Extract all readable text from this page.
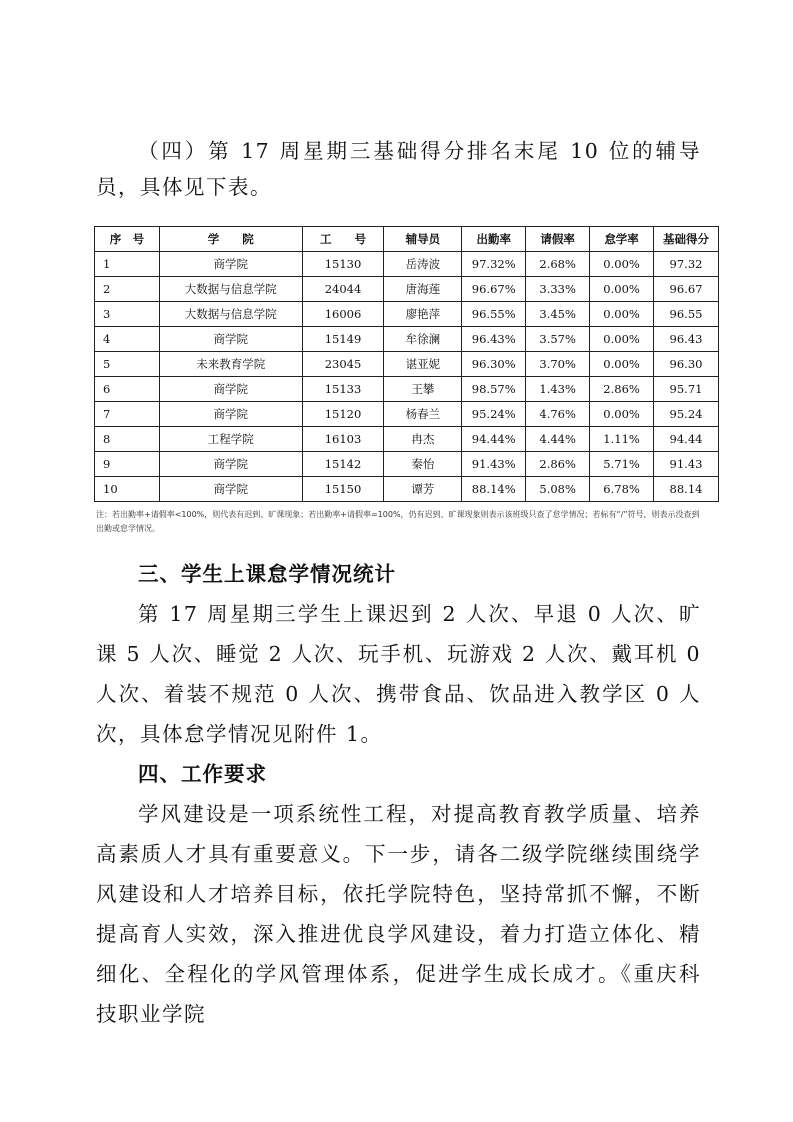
（四）第 17 周星期三基础得分排名末尾 10 位的辅导员，具体见下表。
序　号	学　　院	工　　号	辅导员	出勤率	请假率	怠学率	基础得分
1	商学院	15130	岳涛波	97.32%	2.68%	0.00%	97.32
2	大数据与信息学院	24044	唐海莲	96.67%	3.33%	0.00%	96.67
3	大数据与信息学院	16006	廖艳萍	96.55%	3.45%	0.00%	96.55
4	商学院	15149	牟徐澜	96.43%	3.57%	0.00%	96.43
5	未来教育学院	23045	谌亚妮	96.30%	3.70%	0.00%	96.30
6	商学院	15133	王攀	98.57%	1.43%	2.86%	95.71
7	商学院	15120	杨春兰	95.24%	4.76%	0.00%	95.24
8	工程学院	16103	冉杰	94.44%	4.44%	1.11%	94.44
9	商学院	15142	秦怡	91.43%	2.86%	5.71%	91.43
10	商学院	15150	谭芳	88.14%	5.08%	6.78%	88.14
注：若出勤率+请假率<100%，则代表有迟到、旷课现象；若出勤率+请假率=100%，仍有迟到、旷课现象则表示该班级只查了怠学情况；若标有“/”符号，则表示没查到出勤或怠学情况。
三、学生上课怠学情况统计
第 17 周星期三学生上课迟到 2 人次、早退 0 人次、旷课 5 人次、睡觉 2 人次、玩手机、玩游戏 2 人次、戴耳机 0 人次、着装不规范 0 人次、携带食品、饮品进入教学区 0 人次，具体怠学情况见附件 1。
四、工作要求
学风建设是一项系统性工程，对提高教育教学质量、培养高素质人才具有重要意义。下一步，请各二级学院继续围绕学风建设和人才培养目标，依托学院特色，坚持常抓不懈，不断提高育人实效，深入推进优良学风建设，着力打造立体化、精细化、全程化的学风管理体系，促进学生成长成才。《重庆科技职业学院
